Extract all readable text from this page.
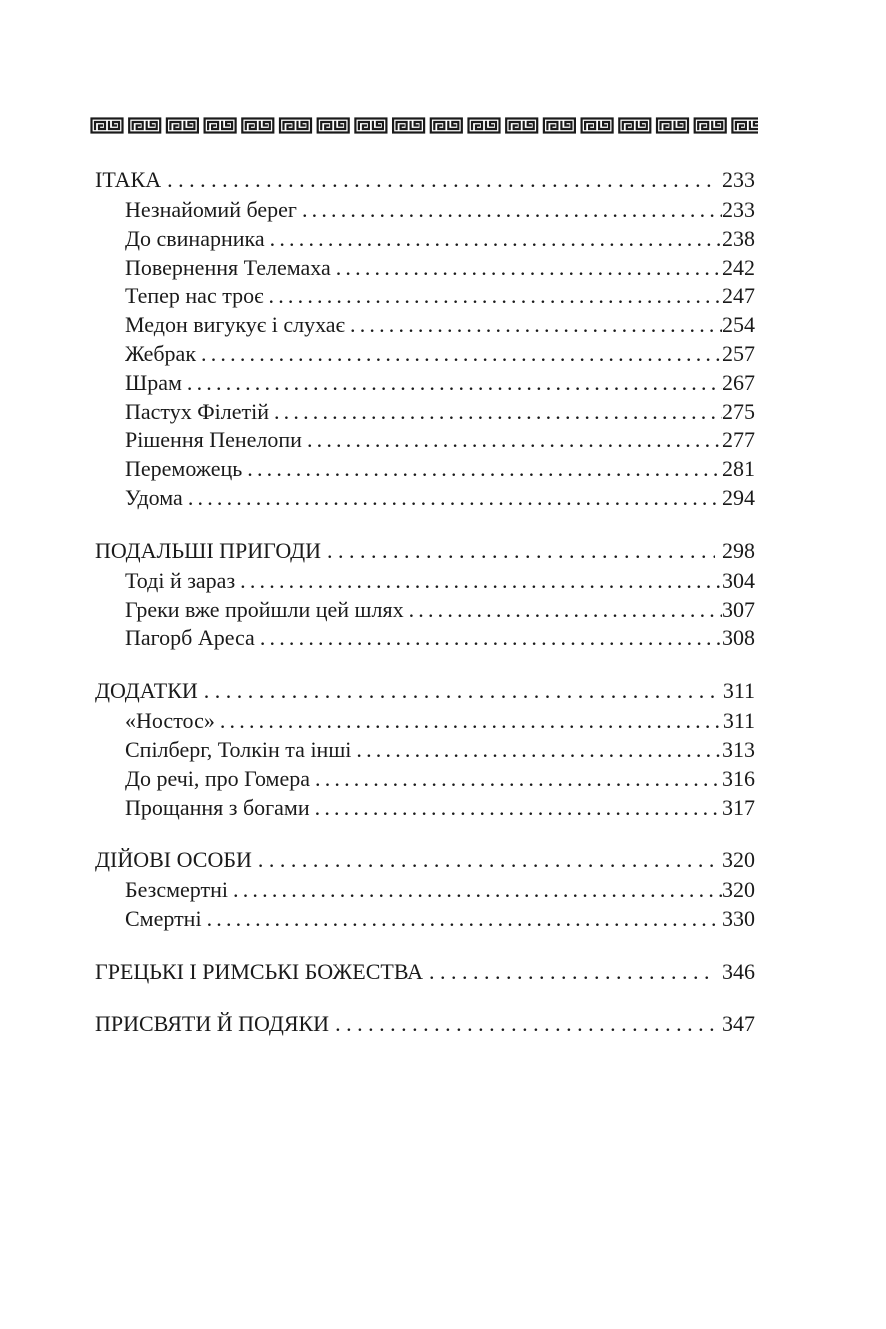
ІТАКА . . .	233
Незнайомий берег .....	233
До свинарника .....	238
Повернення Телемаха .....	242
Тепер нас троє .....	247
Медон вигукує і слухає .....	254
Жебрак .....	257
Шрам .....	267
Пастух Філетій .....	275
Рішення Пенелопи .....	277
Переможець .....	281
Удома .....	294
ПОДАЛЬШІ ПРИГОДИ . . .	298
Тоді й зараз .....	304
Греки вже пройшли цей шлях .....	307
Пагорб Ареса .....	308
ДОДАТКИ . . .	311
«Ностос» .....	311
Спілберг, Толкін та інші .....	313
До речі, про Гомера .....	316
Прощання з богами .....	317
ДІЙОВІ ОСОБИ . . .	320
Безсмертні .....	320
Смертні .....	330
ГРЕЦЬКІ І РИМСЬКІ БОЖЕСТВА . . .	346
ПРИСВЯТИ Й ПОДЯКИ . . .	347
